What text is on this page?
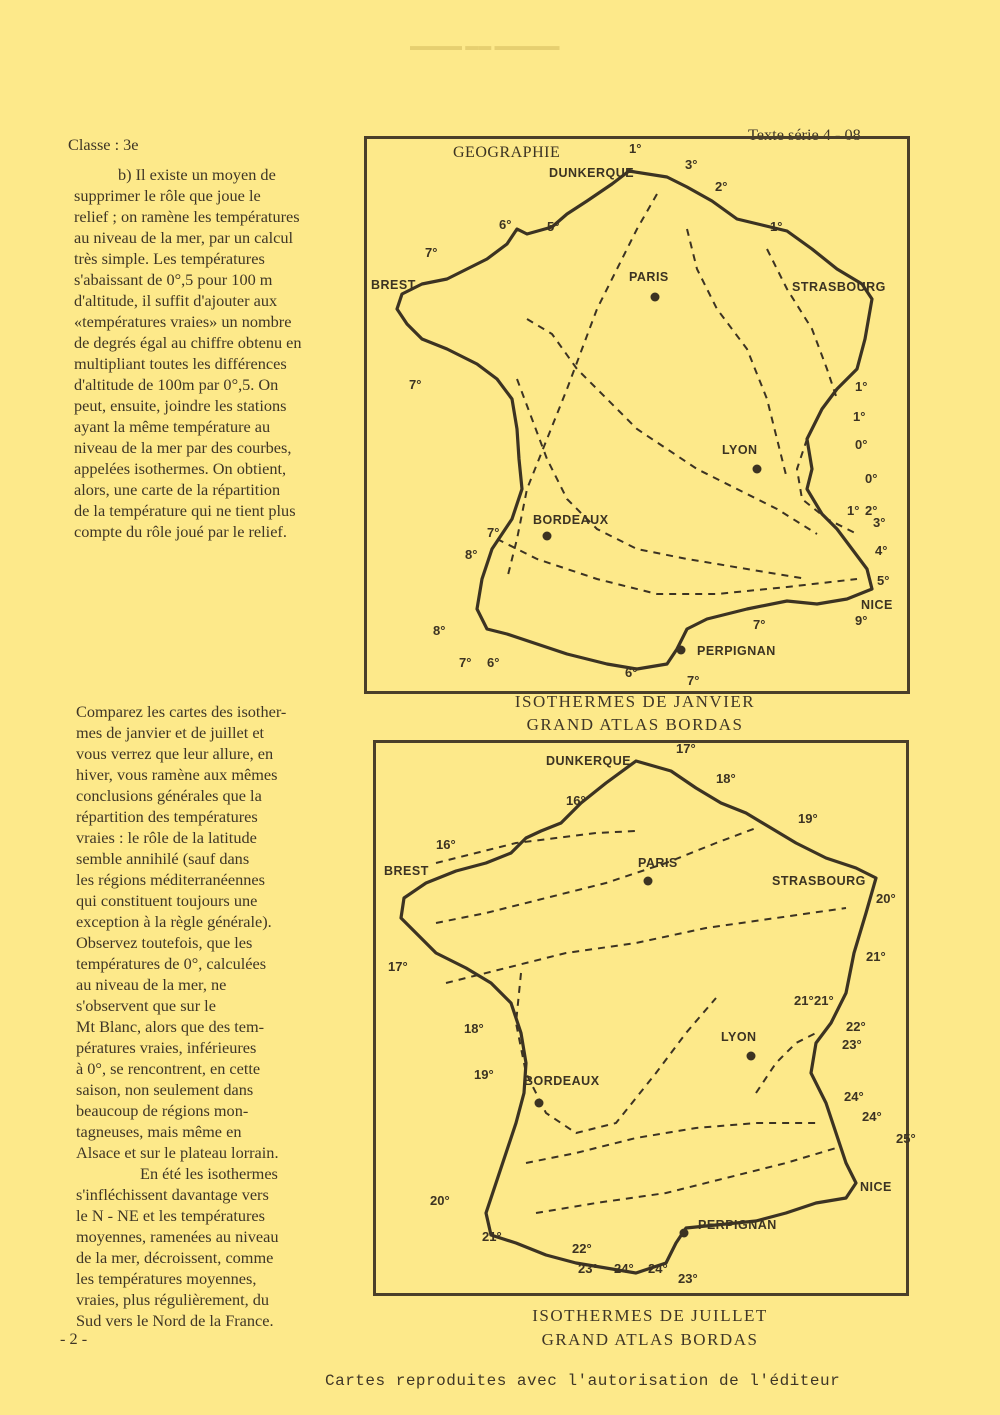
▬▬▬▬ ▬▬ ▬▬▬▬▬
Classe : 3e
Texte série 4 - 08
b) Il existe un moyen de
supprimer le rôle que joue le
relief ; on ramène les températures
au niveau de la mer, par un calcul
très simple. Les températures
s'abaissant de 0°,5 pour 100 m
d'altitude, il suffit d'ajouter aux
«températures vraies» un nombre
de degrés égal au chiffre obtenu en
multipliant toutes les différences
d'altitude de 100m par 0°,5. On
peut, ensuite, joindre les stations
ayant la même température au
niveau de la mer par des courbes,
appelées isothermes. On obtient,
alors, une carte de la répartition
de la température qui ne tient plus
compte du rôle joué par le relief.
Comparez les cartes des isother-
mes de janvier et de juillet et
vous verrez que leur allure, en
hiver, vous ramène aux mêmes
conclusions générales que la
répartition des températures
vraies : le rôle de la latitude
semble annihilé (sauf dans
les régions méditerranéennes
qui constituent toujours une
exception à la règle générale).
Observez toutefois, que les
températures de 0°, calculées
au niveau de la mer, ne
s'observent que sur le
Mt Blanc, alors que des tem-
pératures vraies, inférieures
à 0°, se rencontrent, en cette
saison, non seulement dans
beaucoup de régions mon-
tagneuses, mais même en
Alsace et sur le plateau lorrain.
En été les isothermes
s'infléchissent davantage vers
le N - NE et les températures
moyennes, ramenées au niveau
de la mer, décroissent, comme
les températures moyennes,
vraies, plus régulièrement, du
Sud vers le Nord de la France.
GEOGRAPHIE
DUNKERQUE
PARIS
STRASBOURG
BREST
LYON
BORDEAUX
NICE
PERPIGNAN
1°
3°
2°
1°
6°	5°
7°
7°	1°
1°
0°
0°
1° 2°
3°
4°
5°
7°
8°
8°
7° 6°
7°
6°
7°
9°
ISOTHERMES DE JANVIER
GRAND ATLAS BORDAS
DUNKERQUE
PARIS
STRASBOURG
BREST
LYON
BORDEAUX
NICE
PERPIGNAN
17°
18°
16°
19°
16°
20°
17°
21°
18°
21°
21°
19°
22°
23°
24°
24°
25°
20°
21°
22°
23° 24° 24°
23°
ISOTHERMES DE JUILLET
GRAND ATLAS BORDAS
- 2 -
Cartes reproduites avec l'autorisation de l'éditeur
